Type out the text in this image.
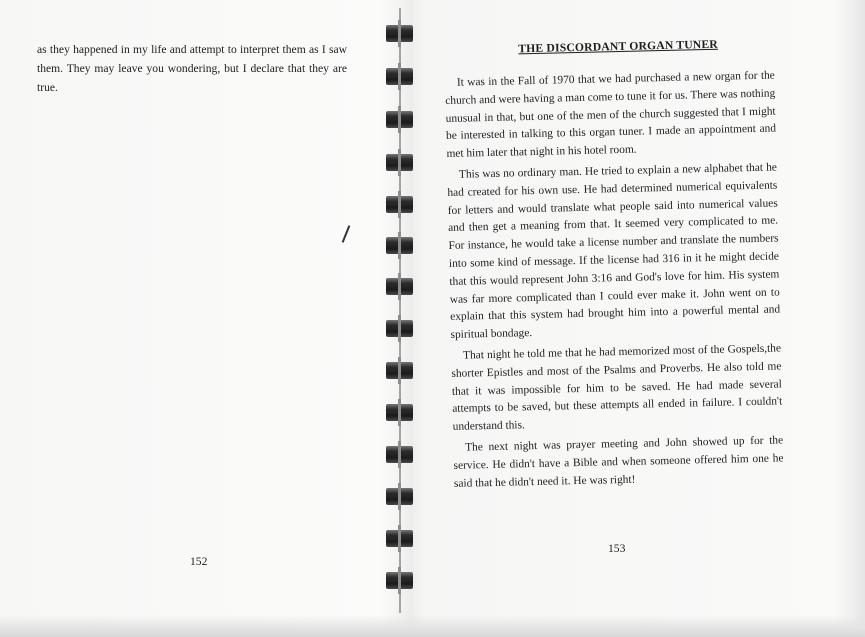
as they happened in my life and attempt to interpret them as I saw them. They may leave you wondering, but I declare that they are true.

152
THE DISCORDANT ORGAN TUNER

It was in the Fall of 1970 that we had purchased a new organ for the church and were having a man come to tune it for us. There was nothing unusual in that, but one of the men of the church suggested that I might be interested in talking to this organ tuner. I made an appointment and met him later that night in his hotel room.

This was no ordinary man. He tried to explain a new alphabet that he had created for his own use. He had determined numerical equivalents for letters and would translate what people said into numerical values and then get a meaning from that. It seemed very complicated to me. For instance, he would take a license number and translate the numbers into some kind of message. If the license had 316 in it he might decide that this would represent John 3:16 and God's love for him. His system was far more complicated than I could ever make it. John went on to explain that this system had brought him into a powerful mental and spiritual bondage.

That night he told me that he had memorized most of the Gospels,the shorter Epistles and most of the Psalms and Proverbs. He also told me that it was impossible for him to be saved. He had made several attempts to be saved, but these attempts all ended in failure. I couldn't understand this.

The next night was prayer meeting and John showed up for the service. He didn't have a Bible and when someone offered him one he said that he didn't need it. He was right!

153
